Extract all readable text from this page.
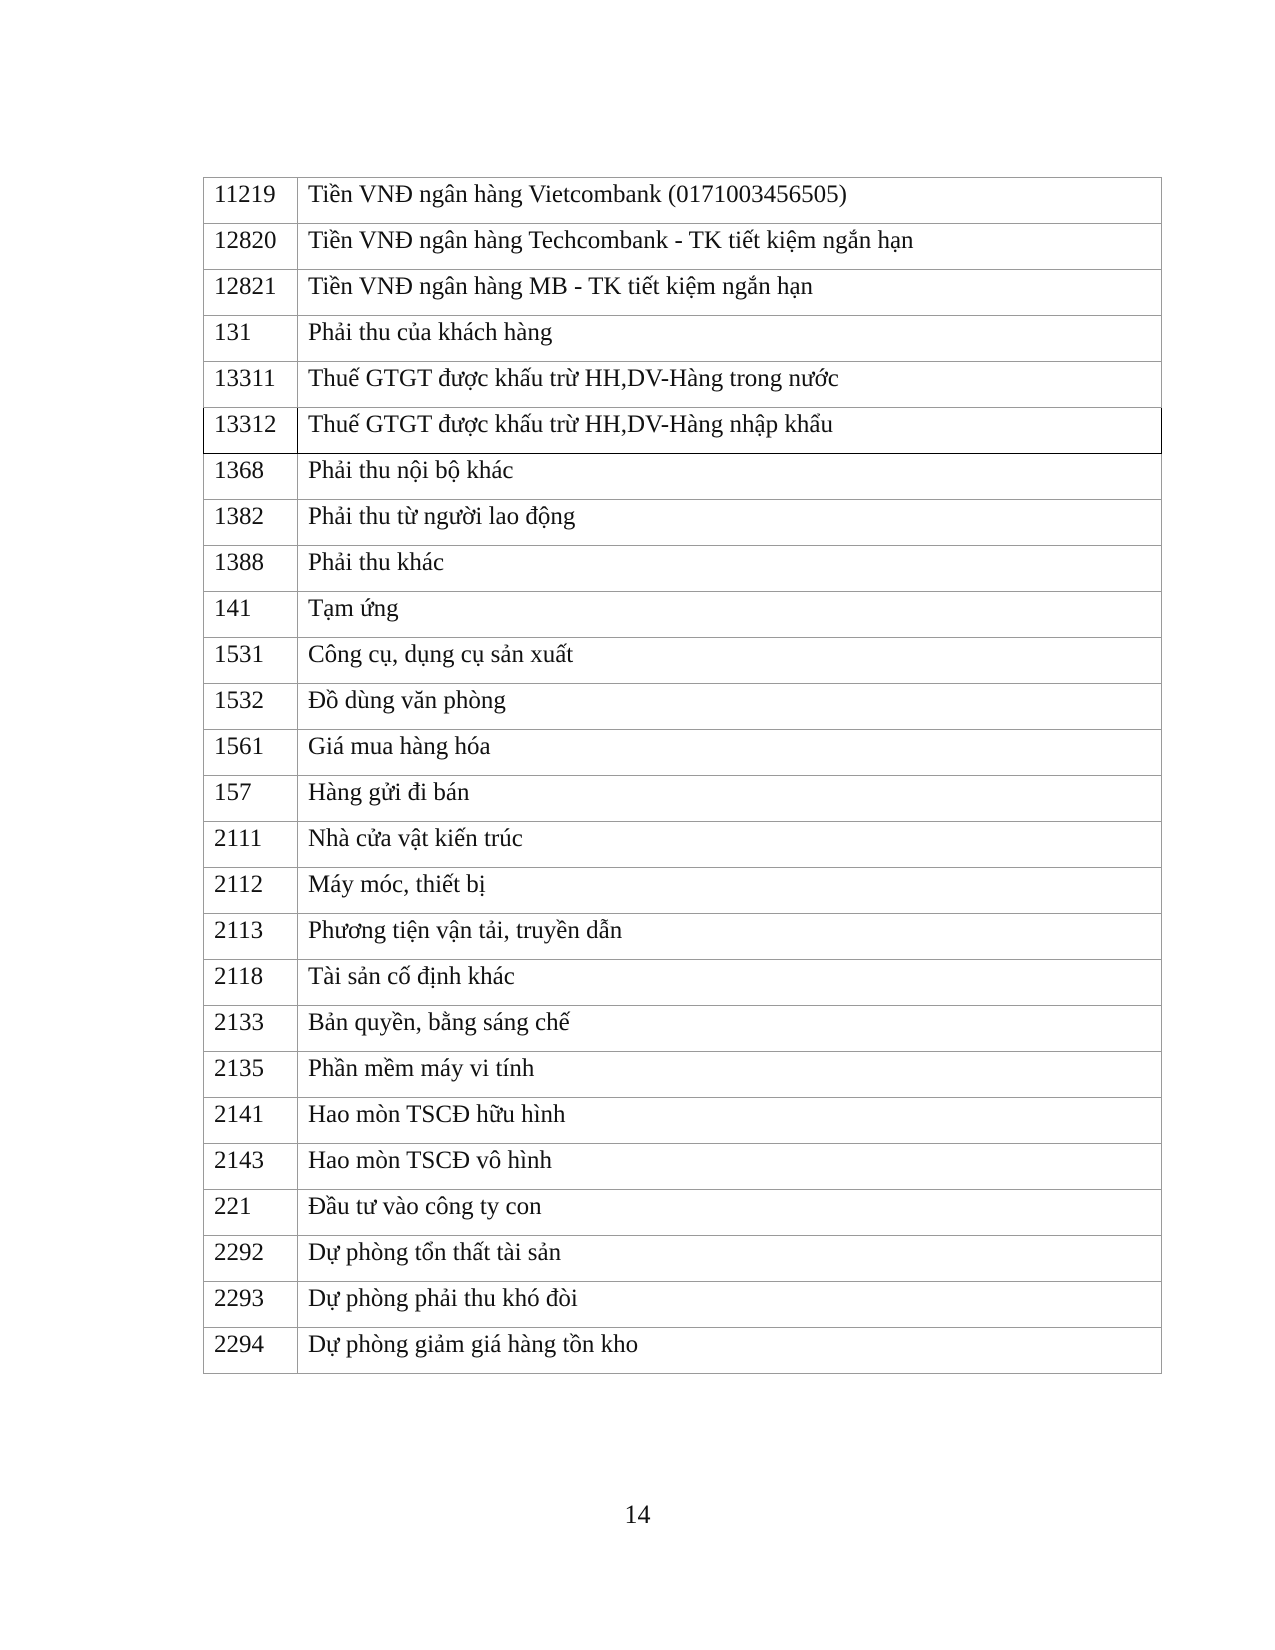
11219	Tiền VNĐ ngân hàng Vietcombank (0171003456505)

12820	Tiền VNĐ ngân hàng Techcombank - TK tiết kiệm ngắn hạn

12821	Tiền VNĐ ngân hàng MB - TK tiết kiệm ngắn hạn

131	Phải thu của khách hàng

13311	Thuế GTGT được khấu trừ HH,DV-Hàng trong nước

13312	Thuế GTGT được khấu trừ HH,DV-Hàng nhập khẩu

1368	Phải thu nội bộ khác

1382	Phải thu từ người lao động

1388	Phải thu khác

141	Tạm ứng

1531	Công cụ, dụng cụ sản xuất

1532	Đồ dùng văn phòng

1561	Giá mua hàng hóa

157	Hàng gửi đi bán

2111	Nhà cửa vật kiến trúc

2112	Máy móc, thiết bị

2113	Phương tiện vận tải, truyền dẫn

2118	Tài sản cố định khác

2133	Bản quyền, bằng sáng chế

2135	Phần mềm máy vi tính

2141	Hao mòn TSCĐ hữu hình

2143	Hao mòn TSCĐ vô hình

221	Đầu tư vào công ty con

2292	Dự phòng tổn thất tài sản

2293	Dự phòng phải thu khó đòi

2294	Dự phòng giảm giá hàng tồn kho
14
